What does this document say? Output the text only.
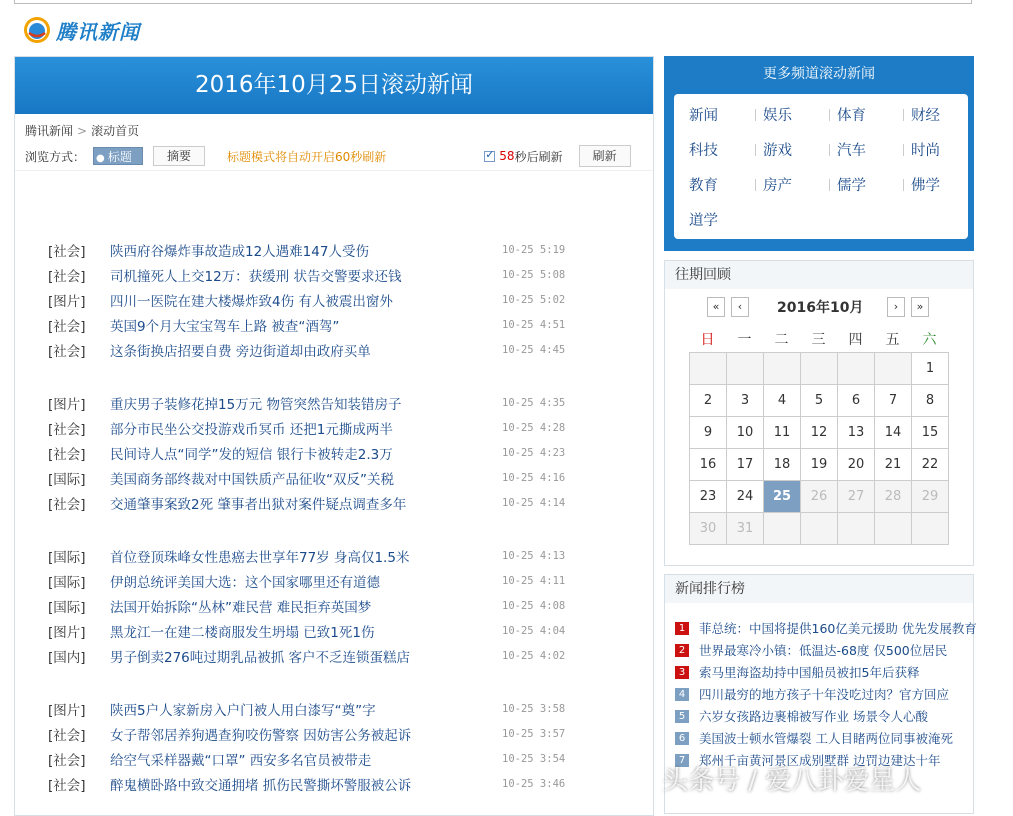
腾讯新闻
2016年10月25日滚动新闻
腾讯新闻 > 滚动首页
浏览方式：	● 标题	摘要	标题模式将自动开启60秒刷新
✓	58 秒后刷新	刷新
[社会]	陕西府谷爆炸事故造成12人遇难147人受伤	10-25 5:19
[社会]	司机撞死人上交12万：获缓刑 状告交警要求还钱	10-25 5:08
[图片]	四川一医院在建大楼爆炸致4伤 有人被震出窗外	10-25 5:02
[社会]	英国9个月大宝宝驾车上路 被查“酒驾”	10-25 4:51
[社会]	这条街换店招要自费 旁边街道却由政府买单	10-25 4:45
[图片]	重庆男子装修花掉15万元 物管突然告知装错房子	10-25 4:35
[社会]	部分市民坐公交投游戏币冥币 还把1元撕成两半	10-25 4:28
[社会]	民间诗人点“同学”发的短信 银行卡被转走2.3万	10-25 4:23
[国际]	美国商务部终裁对中国铁质产品征收“双反”关税	10-25 4:16
[社会]	交通肇事案致2死 肇事者出狱对案件疑点调查多年	10-25 4:14
[国际]	首位登顶珠峰女性患癌去世享年77岁 身高仅1.5米	10-25 4:13
[国际]	伊朗总统评美国大选：这个国家哪里还有道德	10-25 4:11
[国际]	法国开始拆除“丛林”难民营 难民拒弃英国梦	10-25 4:08
[图片]	黑龙江一在建二楼商服发生坍塌 已致1死1伤	10-25 4:04
[国内]	男子倒卖276吨过期乳品被抓 客户不乏连锁蛋糕店	10-25 4:02
[图片]	陕西5户人家新房入户门被人用白漆写“奠”字	10-25 3:58
[社会]	女子帮邻居养狗遇查狗咬伤警察 因妨害公务被起诉	10-25 3:57
[社会]	给空气采样器戴“口罩” 西安多名官员被带走	10-25 3:54
[社会]	醉鬼横卧路中致交通拥堵 抓伤民警撕坏警服被公诉	10-25 3:46
更多频道滚动新闻
新闻	娱乐	体育	财经
科技	游戏	汽车	时尚
教育	房产	儒学	佛学
道学
往期回顾
«	‹	2016年10月	›	»
日	一	二	三	四	五	六
1
2	3	4	5	6	7	8
9	10	11	12	13	14	15
16	17	18	19	20	21	22
23	24	25	26	27	28	29
30	31
新闻排行榜
1	菲总统：中国将提供160亿美元援助 优先发展教育
2	世界最寒冷小镇：低温达-68度 仅500位居民
3	索马里海盗劫持中国船员被扣5年后获释
4	四川最穷的地方孩子十年没吃过肉？官方回应
5	六岁女孩路边裹棉被写作业 场景令人心酸
6	美国波士顿水管爆裂 工人目睹两位同事被淹死
7	郑州千亩黄河景区成别墅群 边罚边建达十年
头条号 / 爱八卦爱星人
